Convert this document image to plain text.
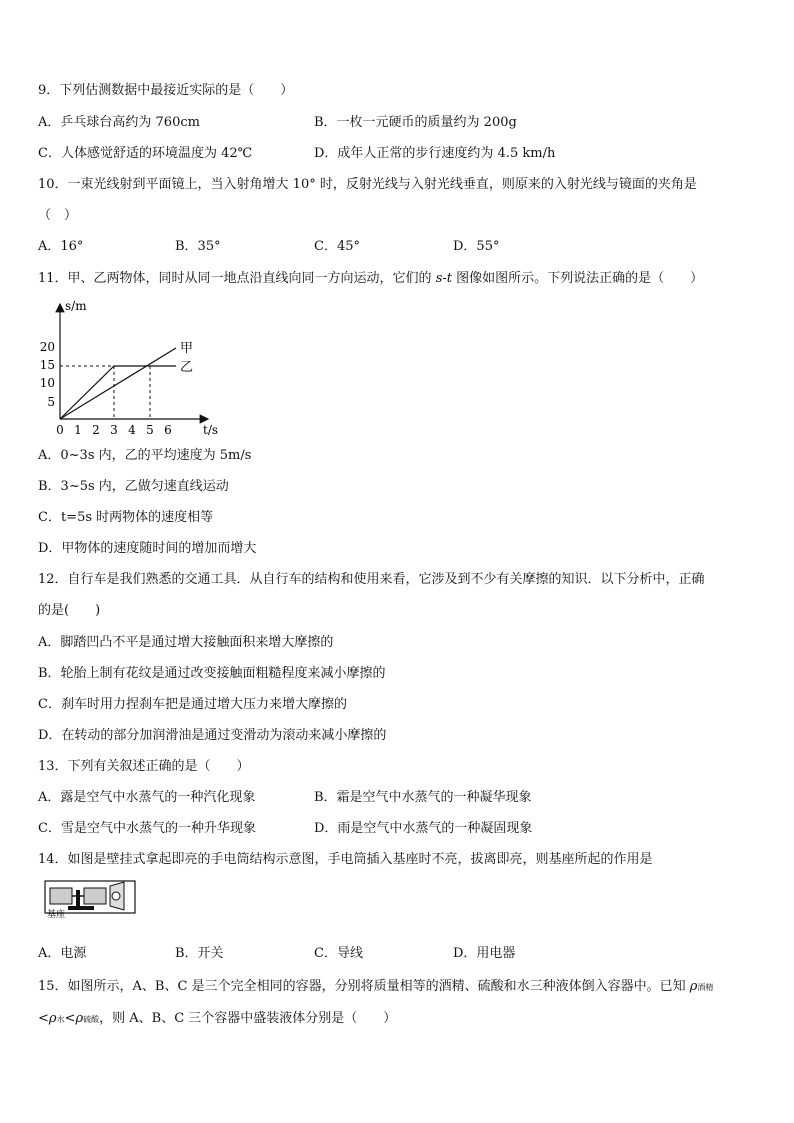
9．下列估测数据中最接近实际的是（　　）
A．乒乓球台高约为 760cm	B．一枚一元硬币的质量约为 200g
C．人体感觉舒适的环境温度为 42℃	D．成年人正常的步行速度约为 4.5 km/h
10．一束光线射到平面镜上，当入射角增大 10° 时，反射光线与入射光线垂直，则原来的入射光线与镜面的夹角是
（　）
A．16°	B．35°	C．45°	D．55°
11．甲、乙两物体，同时从同一地点沿直线向同一方向运动，它们的 s-t 图像如图所示。下列说法正确的是（　　）
s/m
t/s
20
15
10
5
0 1 2 3 4 5 6
甲
乙
A．0~3s 内，乙的平均速度为 5m/s
B．3~5s 内，乙做匀速直线运动
C．t=5s 时两物体的速度相等
D．甲物体的速度随时间的增加而增大
12．自行车是我们熟悉的交通工具．从自行车的结构和使用来看，它涉及到不少有关摩擦的知识．以下分析中，正确
的是(　　)
A．脚踏凹凸不平是通过增大接触面积来增大摩擦的
B．轮胎上制有花纹是通过改变接触面粗糙程度来减小摩擦的
C．刹车时用力捏刹车把是通过增大压力来增大摩擦的
D．在转动的部分加润滑油是通过变滑动为滚动来减小摩擦的
13．下列有关叙述正确的是（　　）
A．露是空气中水蒸气的一种汽化现象	B．霜是空气中水蒸气的一种凝华现象
C．雪是空气中水蒸气的一种升华现象	D．雨是空气中水蒸气的一种凝固现象
14．如图是壁挂式拿起即亮的手电筒结构示意图，手电筒插入基座时不亮，拔离即亮，则基座所起的作用是
基座
A．电源	B．开关	C．导线	D．用电器
15．如图所示，A、B、C 是三个完全相同的容器，分别将质量相等的酒精、硫酸和水三种液体倒入容器中。已知 ρ酒精
<ρ水<ρ硫酸，则 A、B、C 三个容器中盛装液体分别是（　　）
